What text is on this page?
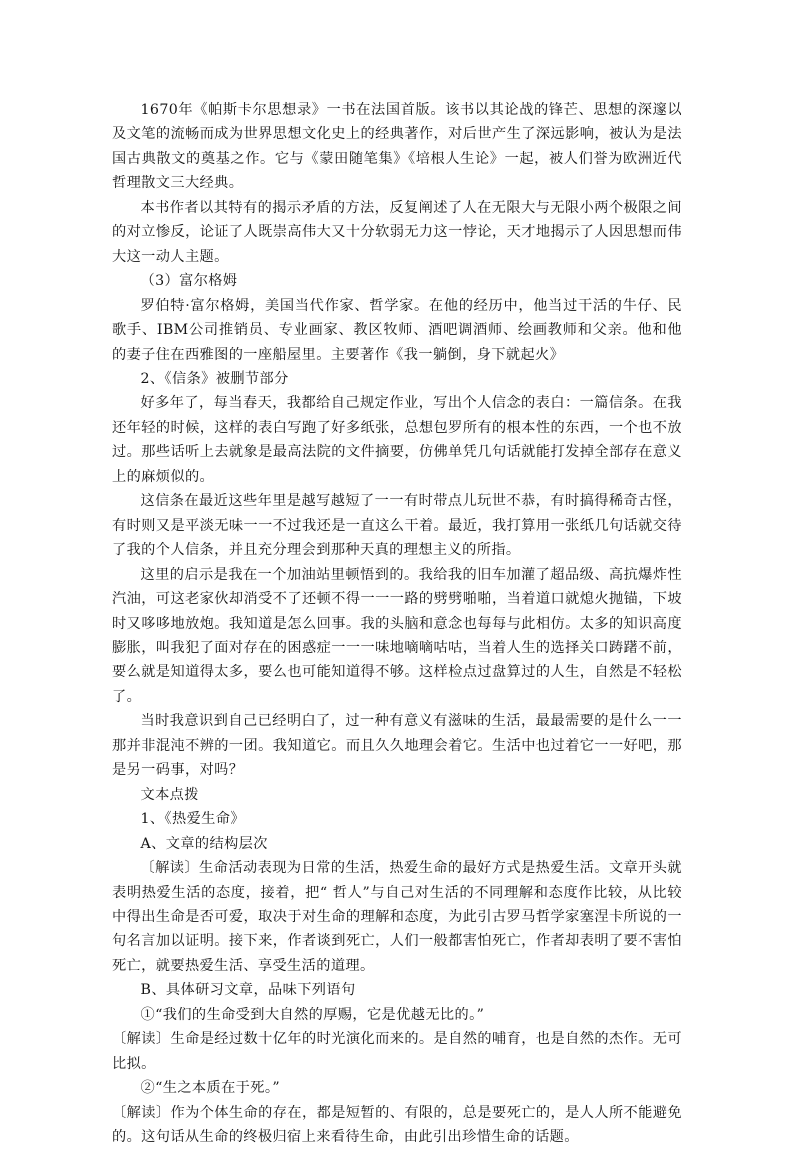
1670年《帕斯卡尔思想录》一书在法国首版。该书以其论战的锋芒、思想的深邃以及文笔的流畅而成为世界思想文化史上的经典著作，对后世产生了深远影响，被认为是法国古典散文的奠基之作。它与《蒙田随笔集》《培根人生论》一起，被人们誉为欧洲近代哲理散文三大经典。

本书作者以其特有的揭示矛盾的方法，反复阐述了人在无限大与无限小两个极限之间的对立惨反，论证了人既崇高伟大又十分软弱无力这一悖论，天才地揭示了人因思想而伟大这一动人主题。

（3）富尔格姆

罗伯特·富尔格姆，美国当代作家、哲学家。在他的经历中，他当过干活的牛仔、民歌手、IBM公司推销员、专业画家、教区牧师、酒吧调酒师、绘画教师和父亲。他和他的妻子住在西雅图的一座船屋里。主要著作《我一躺倒，身下就起火》

2、《信条》被删节部分

好多年了，每当春天，我都给自己规定作业，写出个人信念的表白：一篇信条。在我还年轻的时候，这样的表白写跑了好多纸张，总想包罗所有的根本性的东西，一个也不放过。那些话听上去就象是最高法院的文件摘要，仿佛单凭几句话就能打发掉全部存在意义上的麻烦似的。

这信条在最近这些年里是越写越短了一一有时带点儿玩世不恭，有时搞得稀奇古怪，有时则又是平淡无味一一不过我还是一直这么干着。最近，我打算用一张纸几句话就交待了我的个人信条，并且充分理会到那种天真的理想主义的所指。

这里的启示是我在一个加油站里顿悟到的。我给我的旧车加灌了超品级、高抗爆炸性汽油，可这老家伙却消受不了还顿不得一一一路的劈劈啪啪，当着道口就熄火抛锚，下坡时又哆哆地放炮。我知道是怎么回事。我的头脑和意念也每每与此相仿。太多的知识高度膨胀，叫我犯了面对存在的困惑症一一一味地嘀嘀咕咕，当着人生的选择关口踌躇不前，要么就是知道得太多，要么也可能知道得不够。这样检点过盘算过的人生，自然是不轻松了。

当时我意识到自己已经明白了，过一种有意义有滋味的生活，最最需要的是什么一一那并非混沌不辨的一团。我知道它。而且久久地理会着它。生活中也过着它一一好吧，那是另一码事，对吗？

文本点拨

1、《热爱生命》

A、文章的结构层次

〔解读〕生命活动表现为日常的生活，热爱生命的最好方式是热爱生活。文章开头就表明热爱生活的态度，接着，把“ 哲人”与自己对生活的不同理解和态度作比较，从比较中得出生命是否可爱，取决于对生命的理解和态度，为此引古罗马哲学家塞涅卡所说的一句名言加以证明。接下来，作者谈到死亡，人们一般都害怕死亡，作者却表明了要不害怕死亡，就要热爱生活、享受生活的道理。

B、具体研习文章，品味下列语句

①“我们的生命受到大自然的厚赐，它是优越无比的。”

〔解读〕生命是经过数十亿年的时光演化而来的。是自然的哺育，也是自然的杰作。无可比拟。

②“生之本质在于死。”

〔解读〕作为个体生命的存在，都是短暂的、有限的，总是要死亡的，是人人所不能避免的。这句话从生命的终极归宿上来看待生命，由此引出珍惜生命的话题。
